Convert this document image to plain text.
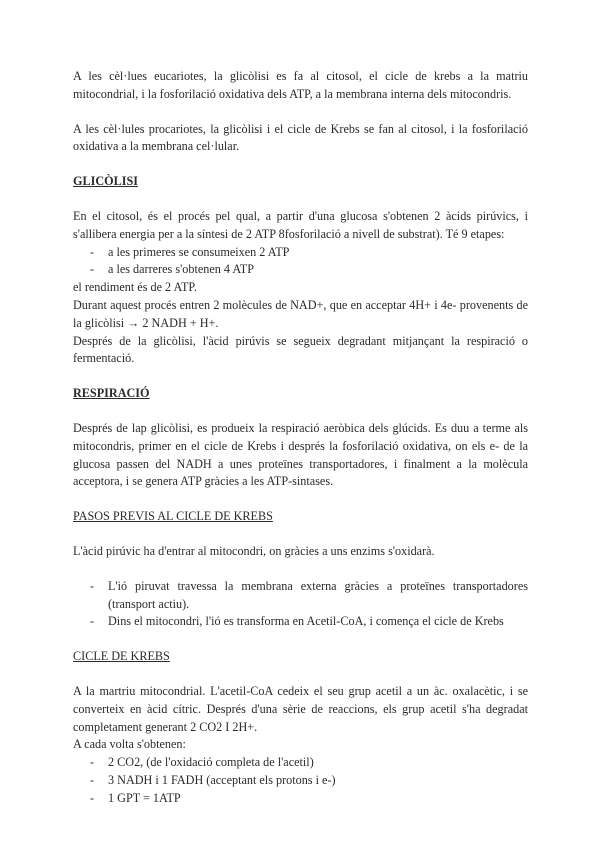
A les cèl·lues eucariotes, la glicòlisi es fa al citosol, el cicle de krebs a la matriu mitocondrial, i la fosforilació oxidativa dels ATP, a la membrana interna dels mitocondris.

A les cèl·lules procariotes, la glicòlisi i el cicle de Krebs se fan al citosol, i la fosforilació oxidativa a la membrana cel·lular.

GLICÒLISI

En el citosol, és el procés pel qual, a partir d'una glucosa s'obtenen 2 àcids pirúvics, i s'allibera energia per a la síntesi de 2 ATP 8fosforilació a nivell de substrat). Té 9 etapes:

- a les primeres se consumeixen 2 ATP
- a les darreres s'obtenen 4 ATP

el rendiment és de 2 ATP.

Durant aquest procés entren 2 molècules de NAD+, que en acceptar 4H+ i 4e- provenents de la glicòlisi → 2 NADH + H+.

Després de la glicòlisi, l'àcid pirúvis se segueix degradant mitjançant la respiració o fermentació.

RESPIRACIÓ

Després de lap glicòlisi, es produeix la respiració aeròbica dels glúcids. Es duu a terme als mitocondris, primer en el cicle de Krebs i després la fosforilació oxidativa, on els e- de la glucosa passen del NADH a unes proteïnes transportadores, i finalment a la molècula acceptora, i se genera ATP gràcies a les ATP-sintases.

PASOS PREVIS AL CICLE DE KREBS

L'àcid pirúvic ha d'entrar al mitocondri, on gràcies a uns enzims s'oxidarà.

- L'ió piruvat travessa la membrana externa gràcies a proteïnes transportadores (transport actiu).
- Dins el mitocondri, l'ió es transforma en Acetil-CoA, i comença el cicle de Krebs

CICLE DE KREBS

A la martriu mitocondrial. L'acetil-CoA cedeix el seu grup acetil a un àc. oxalacètic, i se converteix en àcid cítric. Després d'una sèrie de reaccions, els grup acetil s'ha degradat completament generant 2 CO2 I 2H+.

A cada volta s'obtenen:

- 2 CO2, (de l'oxidació completa de l'acetil)
- 3 NADH i 1 FADH (acceptant els protons i e-)
- 1 GPT = 1ATP
